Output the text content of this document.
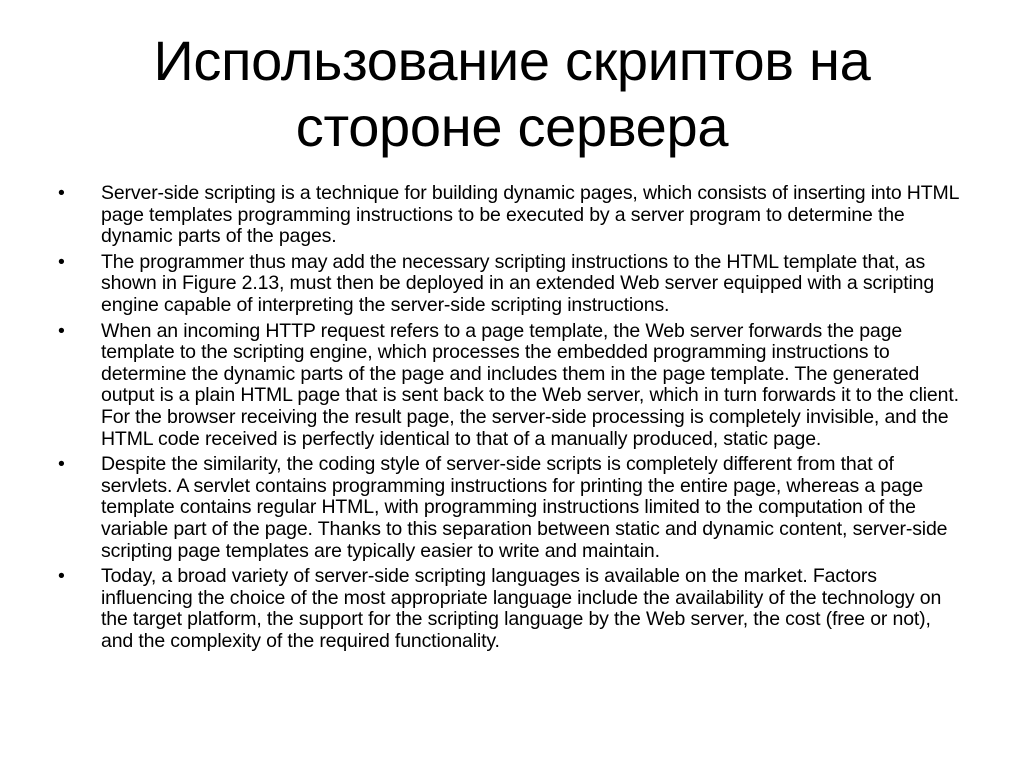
Использование скриптов на
стороне сервера
•	Server-side scripting is a technique for building dynamic pages, which consists of inserting into HTML page templates programming instructions to be executed by a server program to determine the dynamic parts of the pages.
•	The programmer thus may add the necessary scripting instructions to the HTML template that, as shown in Figure 2.13, must then be deployed in an extended Web server equipped with a scripting engine capable of interpreting the server-side scripting instructions.
•	When an incoming HTTP request refers to a page template, the Web server forwards the page template to the scripting engine, which processes the embedded programming instructions to determine the dynamic parts of the page and includes them in the page template. The generated output is a plain HTML page that is sent back to the Web server, which in turn forwards it to the client. For the browser receiving the result page, the server-side processing is completely invisible, and the HTML code received is perfectly identical to that of a manually produced, static page.
•	Despite the similarity, the coding style of server-side scripts is completely different from that of servlets. A servlet contains programming instructions for printing the entire page, whereas a page template contains regular HTML, with programming instructions limited to the computation of the variable part of the page. Thanks to this separation between static and dynamic content, server-side scripting page templates are typically easier to write and maintain.
•	Today, a broad variety of server-side scripting languages is available on the market. Factors influencing the choice of the most appropriate language include the availability of the technology on the target platform, the support for the scripting language by the Web server, the cost (free or not), and the complexity of the required functionality.
